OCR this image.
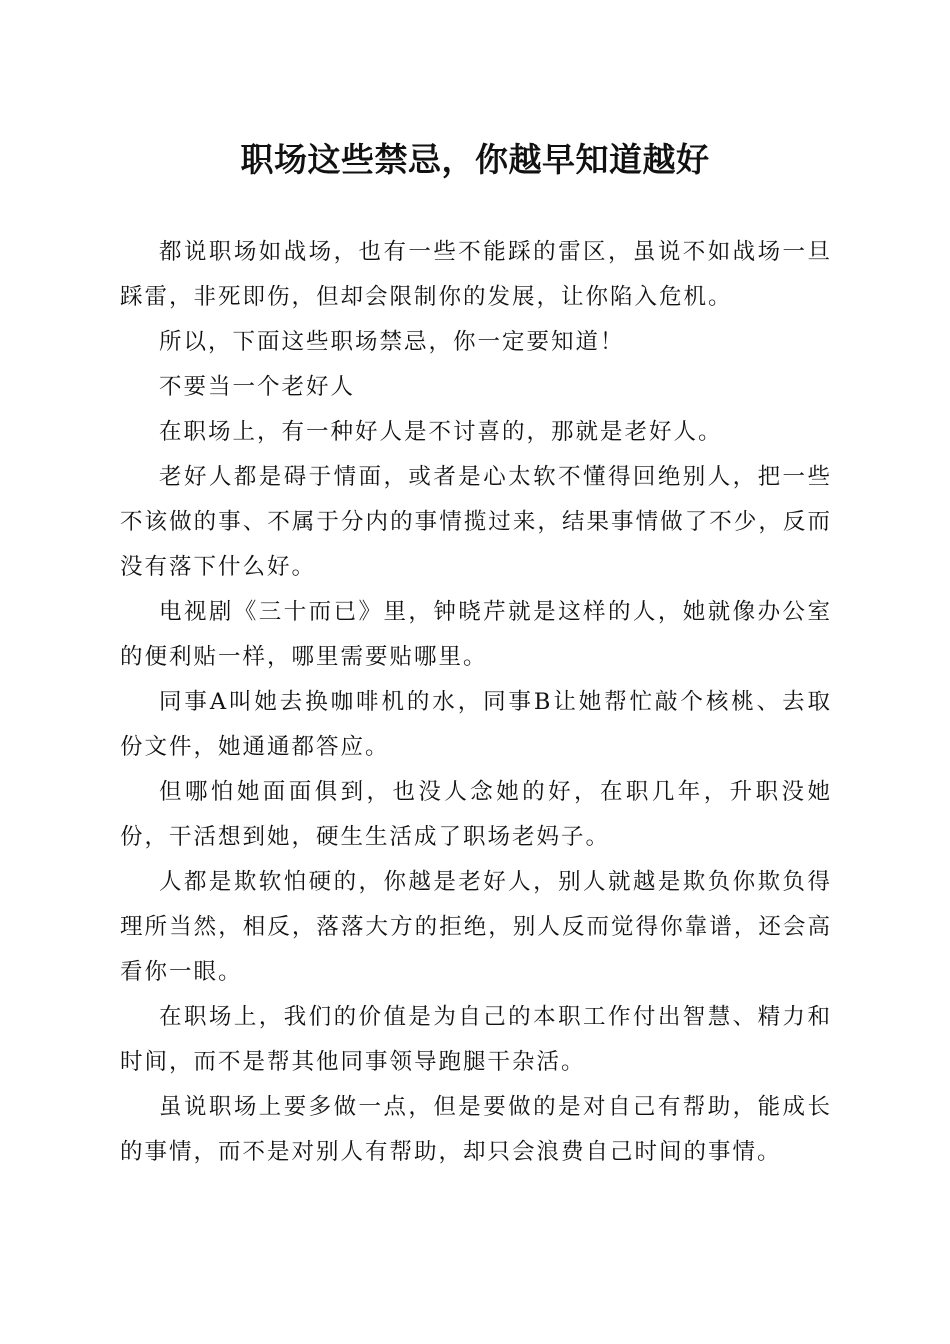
职场这些禁忌，你越早知道越好

都说职场如战场，也有一些不能踩的雷区，虽说不如战场一旦踩雷，非死即伤，但却会限制你的发展，让你陷入危机。

所以，下面这些职场禁忌，你一定要知道！

不要当一个老好人

在职场上，有一种好人是不讨喜的，那就是老好人。

老好人都是碍于情面，或者是心太软不懂得回绝别人，把一些不该做的事、不属于分内的事情揽过来，结果事情做了不少，反而没有落下什么好。

电视剧《三十而已》里，钟晓芹就是这样的人，她就像办公室的便利贴一样，哪里需要贴哪里。

同事A叫她去换咖啡机的水，同事B让她帮忙敲个核桃、去取份文件，她通通都答应。

但哪怕她面面俱到，也没人念她的好，在职几年，升职没她份，干活想到她，硬生生活成了职场老妈子。

人都是欺软怕硬的，你越是老好人，别人就越是欺负你欺负得理所当然，相反，落落大方的拒绝，别人反而觉得你靠谱，还会高看你一眼。

在职场上，我们的价值是为自己的本职工作付出智慧、精力和时间，而不是帮其他同事领导跑腿干杂活。

虽说职场上要多做一点，但是要做的是对自己有帮助，能成长的事情，而不是对别人有帮助，却只会浪费自己时间的事情。
